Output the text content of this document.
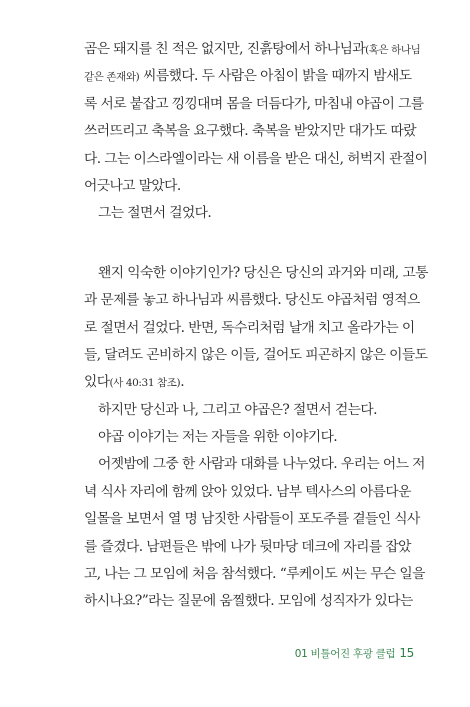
곰은 돼지를 친 적은 없지만, 진흙탕에서 하나님과(혹은 하나님
같은 존재와) 씨름했다. 두 사람은 아침이 밝을 때까지 밤새도
록 서로 붙잡고 낑낑대며 몸을 더듬다가, 마침내 야곱이 그를
쓰러뜨리고 축복을 요구했다. 축복을 받았지만 대가도 따랐
다. 그는 이스라엘이라는 새 이름을 받은 대신, 허벅지 관절이
어긋나고 말았다.
그는 절면서 걸었다.
왠지 익숙한 이야기인가? 당신은 당신의 과거와 미래, 고통
과 문제를 놓고 하나님과 씨름했다. 당신도 야곱처럼 영적으
로 절면서 걸었다. 반면, 독수리처럼 날개 치고 올라가는 이
들, 달려도 곤비하지 않은 이들, 걸어도 피곤하지 않은 이들도
있다(사 40:31 참조).
하지만 당신과 나, 그리고 야곱은? 절면서 걷는다.
야곱 이야기는 저는 자들을 위한 이야기다.
어젯밤에 그중 한 사람과 대화를 나누었다. 우리는 어느 저
녁 식사 자리에 함께 앉아 있었다. 남부 텍사스의 아름다운
일몰을 보면서 열 명 남짓한 사람들이 포도주를 곁들인 식사
를 즐겼다. 남편들은 밖에 나가 뒷마당 데크에 자리를 잡았
고, 나는 그 모임에 처음 참석했다. “루케이도 씨는 무슨 일을
하시나요?”라는 질문에 움찔했다. 모임에 성직자가 있다는
01 비틀어진 후광 클럽 15
